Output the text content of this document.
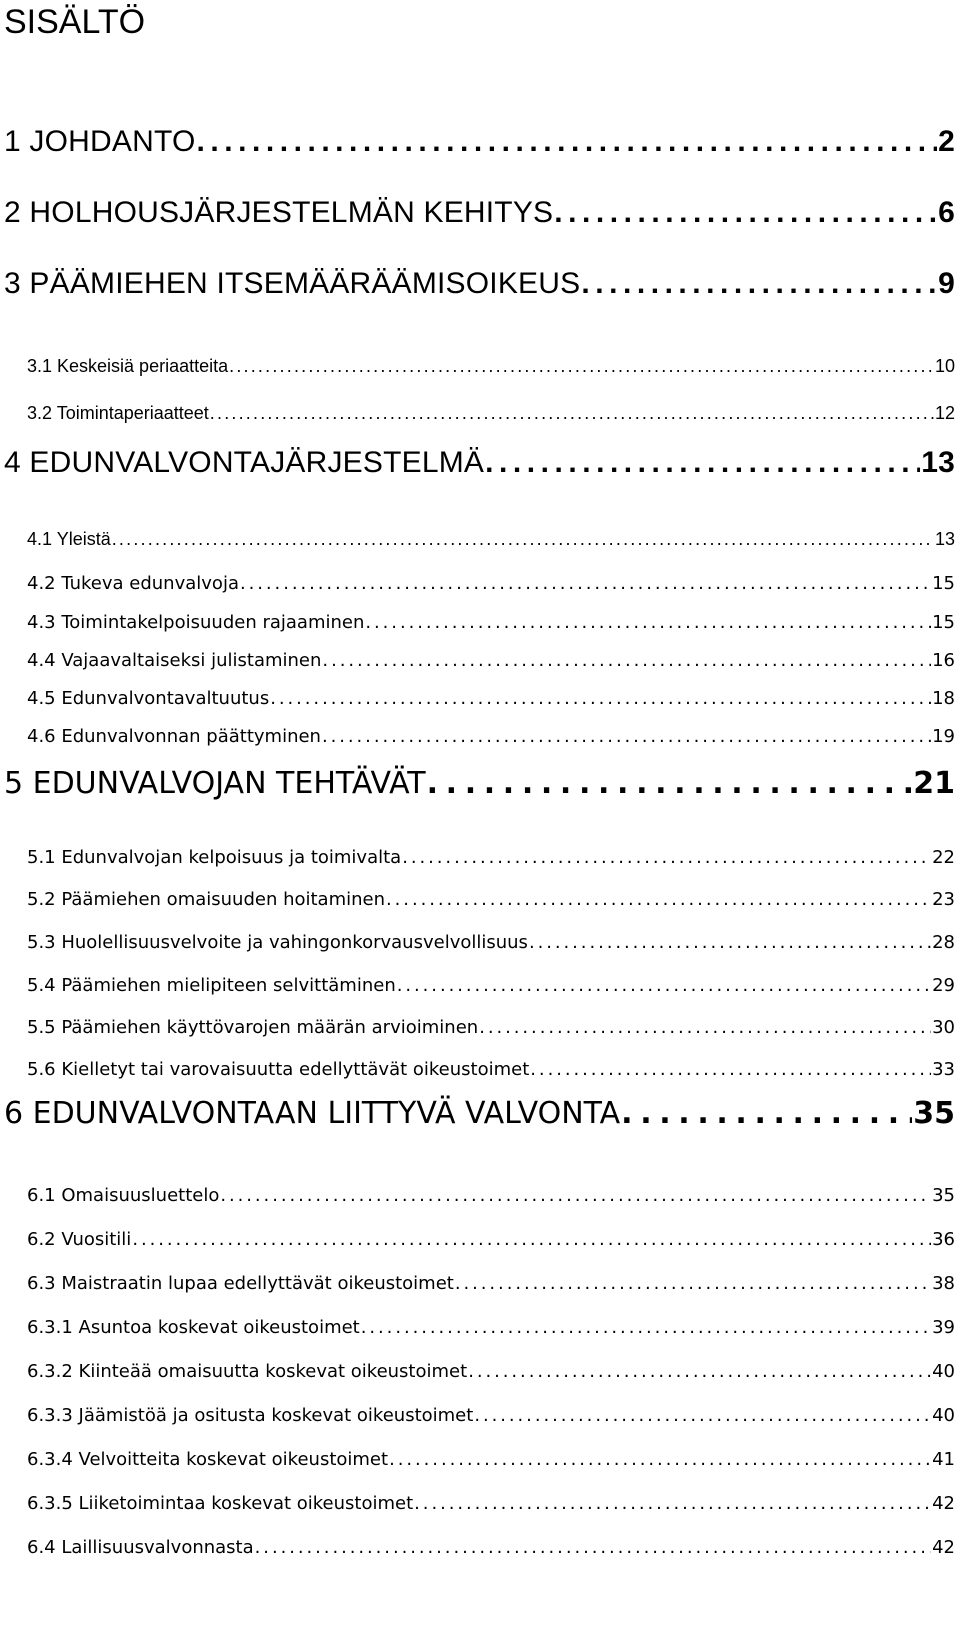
SISÄLTÖ
1 JOHDANTO . . .	2
2 HOLHOUSJÄRJESTELMÄN KEHITYS . . .	6
3 PÄÄMIEHEN ITSEMÄÄRÄÄMISOIKEUS . . .	9
3.1 Keskeisiä periaatteita . . .	10
3.2 Toimintaperiaatteet . . .	12
4 EDUNVALVONTAJÄRJESTELMÄ . . .	13
4.1 Yleistä . . .	13
4.2 Tukeva edunvalvoja . . .	15
4.3 Toimintakelpoisuuden rajaaminen . . .	15
4.4 Vajaavaltaiseksi julistaminen . . .	16
4.5 Edunvalvontavaltuutus . . .	18
4.6 Edunvalvonnan päättyminen . . .	19
5 EDUNVALVOJAN TEHTÄVÄT . . .	21
5.1 Edunvalvojan kelpoisuus ja toimivalta . . .	22
5.2 Päämiehen omaisuuden hoitaminen . . .	23
5.3 Huolellisuusvelvoite ja vahingonkorvausvelvollisuus . . .	28
5.4 Päämiehen mielipiteen selvittäminen . . .	29
5.5 Päämiehen käyttövarojen määrän arvioiminen . . .	30
5.6 Kielletyt tai varovaisuutta edellyttävät oikeustoimet . . .	33
6 EDUNVALVONTAAN LIITTYVÄ VALVONTA . . .	35
6.1 Omaisuusluettelo . . .	35
6.2 Vuositili . . .	36
6.3 Maistraatin lupaa edellyttävät oikeustoimet . . .	38
6.3.1 Asuntoa koskevat oikeustoimet . . .	39
6.3.2 Kiinteää omaisuutta koskevat oikeustoimet . . .	40
6.3.3 Jäämistöä ja ositusta koskevat oikeustoimet . . .	40
6.3.4 Velvoitteita koskevat oikeustoimet . . .	41
6.3.5 Liiketoimintaa koskevat oikeustoimet . . .	42
6.4 Laillisuusvalvonnasta . . .	42
